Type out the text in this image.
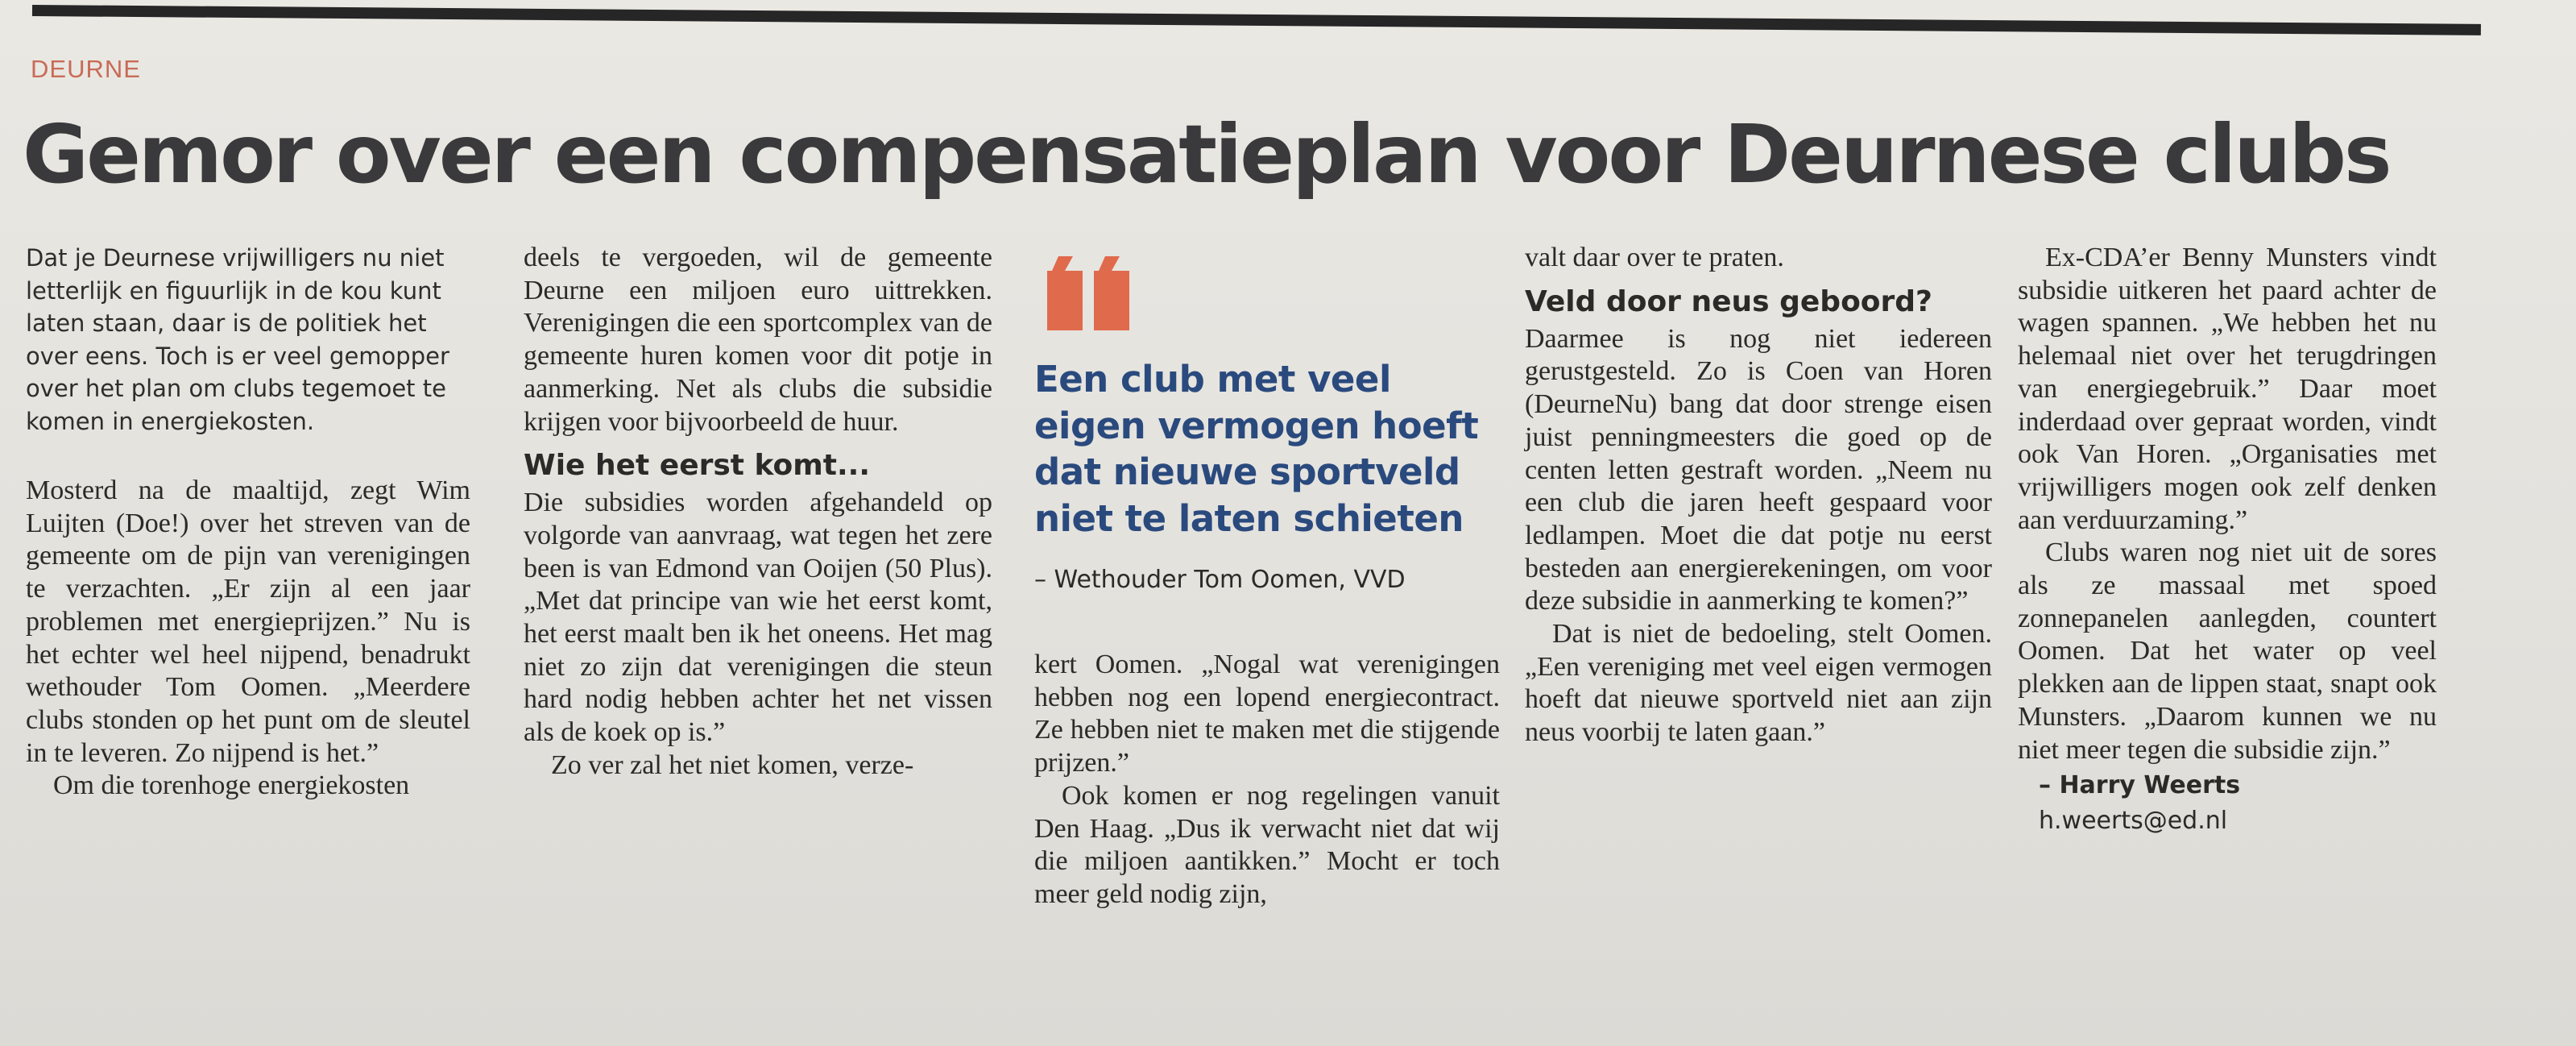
DEURNE
Gemor over een compensatieplan voor Deurnese clubs

Dat je Deurnese vrijwilligers nu niet letterlijk en figuurlijk in de kou kunt laten staan, daar is de politiek het over eens. Toch is er veel gemopper over het plan om clubs tegemoet te komen in energiekosten.

Mosterd na de maaltijd, zegt Wim Luijten (Doe!) over het streven van de gemeente om de pijn van verenigingen te verzachten. „Er zijn al een jaar problemen met energieprijzen.” Nu is het echter wel heel nijpend, benadrukt wethouder Tom Oomen. „Meerdere clubs stonden op het punt om de sleutel in te leveren. Zo nijpend is het.”

Om die torenhoge energiekosten

deels te vergoeden, wil de gemeente Deurne een miljoen euro uittrekken. Verenigingen die een sportcomplex van de gemeente huren komen voor dit potje in aanmerking. Net als clubs die subsidie krijgen voor bijvoorbeeld de huur.

Wie het eerst komt...

Die subsidies worden afgehandeld op volgorde van aanvraag, wat tegen het zere been is van Edmond van Ooijen (50 Plus). „Met dat principe van wie het eerst komt, het eerst maalt ben ik het oneens. Het mag niet zo zijn dat verenigingen die steun hard nodig hebben achter het net vissen als de koek op is.”

Zo ver zal het niet komen, verze-

Een club met veel eigen vermogen hoeft dat nieuwe sportveld niet te laten schieten

– Wethouder Tom Oomen, VVD

kert Oomen. „Nogal wat verenigingen hebben nog een lopend energiecontract. Ze hebben niet te maken met die stijgende prijzen.”

Ook komen er nog regelingen vanuit Den Haag. „Dus ik verwacht niet dat wij die miljoen aantikken.” Mocht er toch meer geld nodig zijn,

valt daar over te praten.

Veld door neus geboord?

Daarmee is nog niet iedereen gerustgesteld. Zo is Coen van Horen (DeurneNu) bang dat door strenge eisen juist penningmeesters die goed op de centen letten gestraft worden. „Neem nu een club die jaren heeft gespaard voor ledlampen. Moet die dat potje nu eerst besteden aan energierekeningen, om voor deze subsidie in aanmerking te komen?”

Dat is niet de bedoeling, stelt Oomen. „Een vereniging met veel eigen vermogen hoeft dat nieuwe sportveld niet aan zijn neus voorbij te laten gaan.”

Ex-CDA’er Benny Munsters vindt subsidie uitkeren het paard achter de wagen spannen. „We hebben het nu helemaal niet over het terugdringen van energiegebruik.” Daar moet inderdaad over gepraat worden, vindt ook Van Horen. „Organisaties met vrijwilligers mogen ook zelf denken aan verduurzaming.”

Clubs waren nog niet uit de sores als ze massaal met spoed zonnepanelen aanlegden, countert Oomen. Dat het water op veel plekken aan de lippen staat, snapt ook Munsters. „Daarom kunnen we nu niet meer tegen die subsidie zijn.”

– Harry Weerts

h.weerts@ed.nl
